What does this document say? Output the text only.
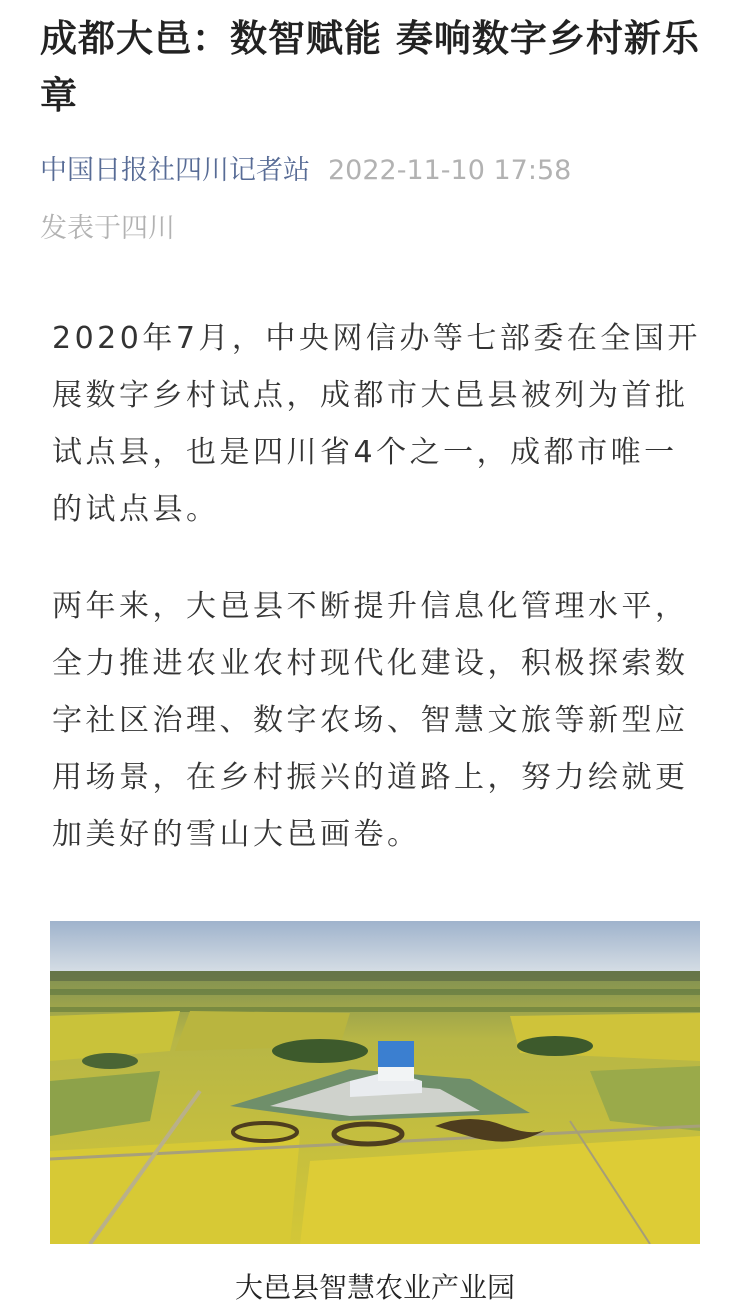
成都大邑：数智赋能 奏响数字乡村新乐章
中国日报社四川记者站 2022-11-10 17:58
发表于四川

2020年7月，中央网信办等七部委在全国开展数字乡村试点，成都市大邑县被列为首批试点县，也是四川省4个之一，成都市唯一的试点县。

两年来，大邑县不断提升信息化管理水平，全力推进农业农村现代化建设，积极探索数字社区治理、数字农场、智慧文旅等新型应用场景，在乡村振兴的道路上，努力绘就更加美好的雪山大邑画卷。

大邑县智慧农业产业园
